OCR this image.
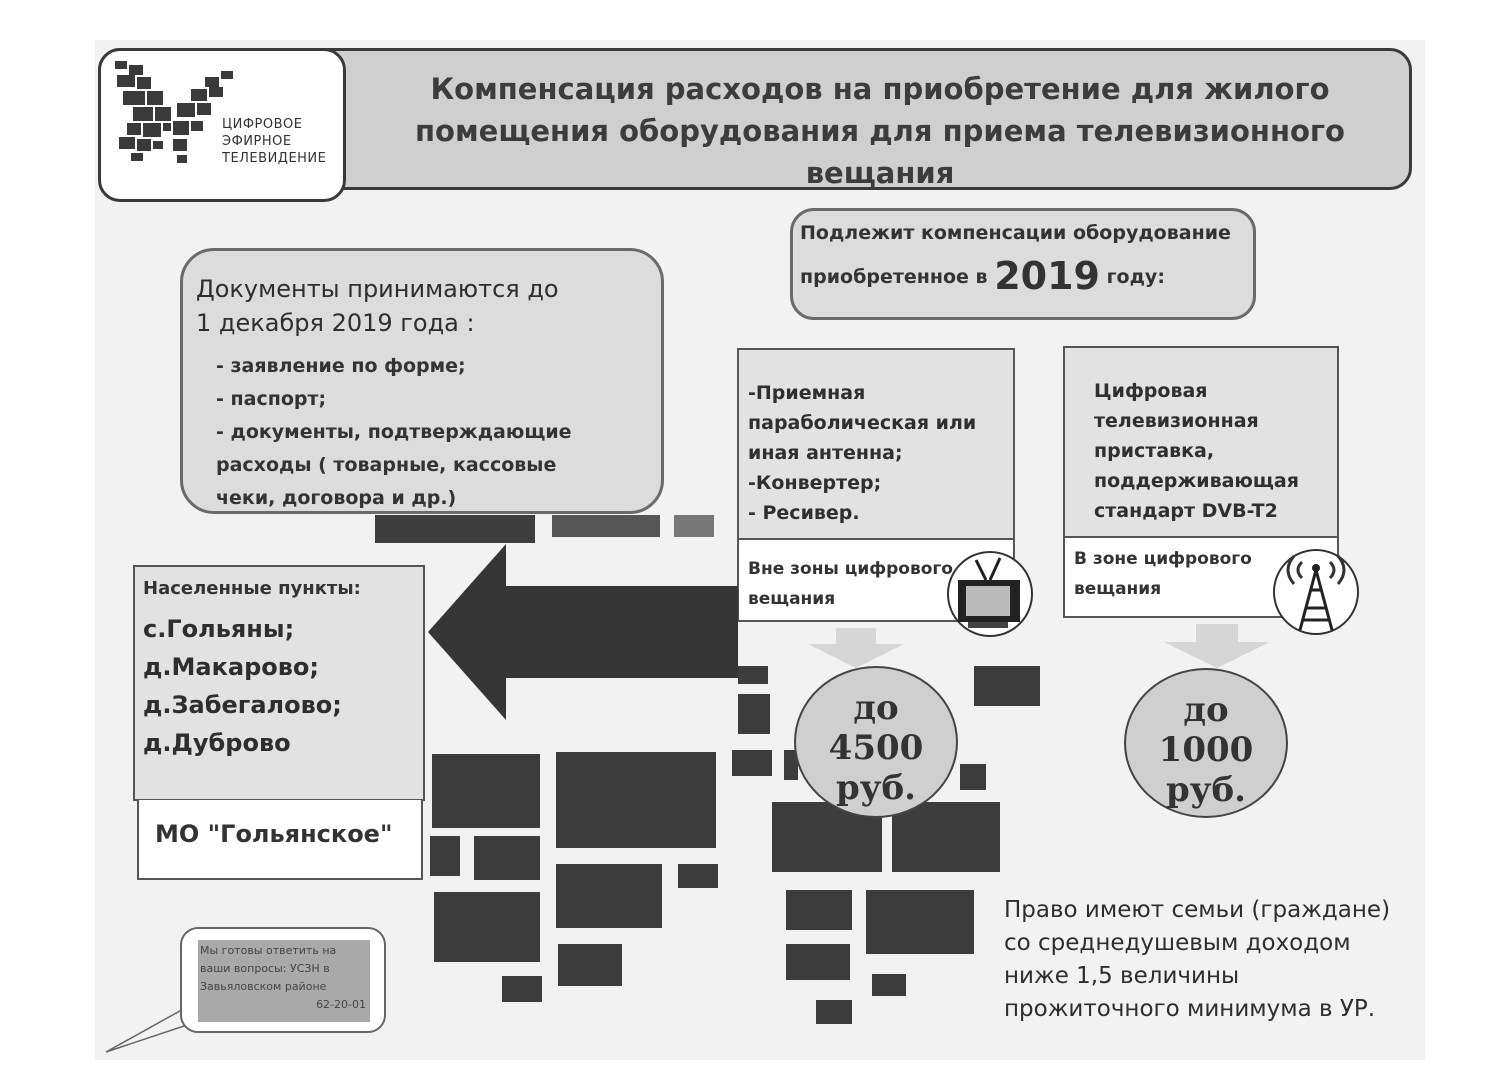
ЦИФРОВОЕ
ЭФИРНОЕ
ТЕЛЕВИДЕНИЕ
Компенсация расходов на приобретение для жилого
помещения оборудования для приема телевизионного вещания
Документы принимаются до
1 декабря 2019 года :
- заявление по форме;
- паспорт;
- документы, подтверждающие
расходы ( товарные, кассовые
чеки, договора и др.)
Подлежит компенсации оборудование
приобретенное в 2019 году:
-Приемная
параболическая или
иная антенна;
-Конвертер;
- Ресивер.
Вне зоны цифрового
вещания
Цифровая
телевизионная
приставка,
поддерживающая
стандарт DVB-T2
В зоне цифрового
вещания
до
4500
руб.
до
1000
руб.
Населенные пункты:
с.Гольяны;
д.Макарово;
д.Забегалово;
д.Дуброво
МО "Гольянское"
Право имеют семьи (граждане)
со среднедушевым доходом
ниже 1,5 величины
прожиточного минимума в УР.
Мы готовы ответить на
ваши вопросы: УСЗН в
Завьяловском районе
62-20-01
